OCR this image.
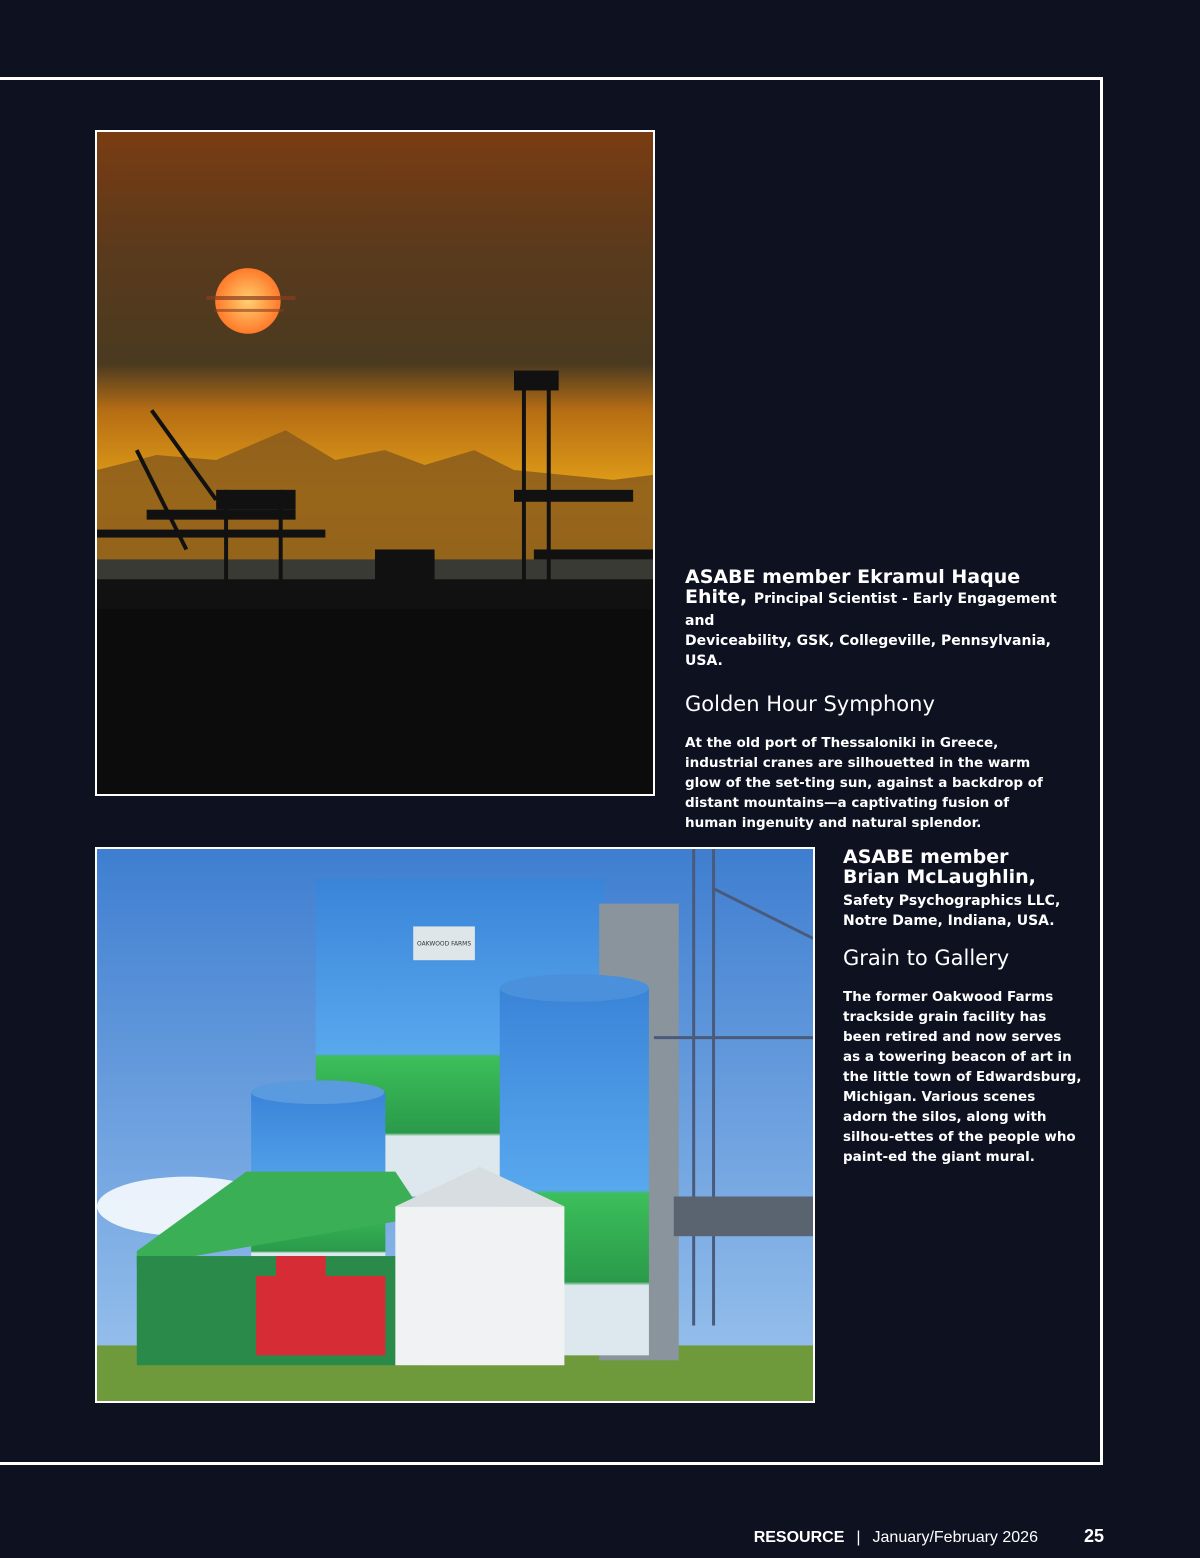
ASABE member Ekramul Haque
Ehite, Principal Scientist - Early Engagement and

Deviceability, GSK, Collegeville, Pennsylvania, USA.

Golden Hour Symphony

At the old port of Thessaloniki in Greece, industrial cranes are silhouetted in the warm glow of the set-ting sun, against a backdrop of distant mountains—a captivating fusion of human ingenuity and natural splendor.

OAKWOOD FARMS

ASABE member
Brian McLaughlin,

Safety Psychographics LLC, Notre Dame, Indiana, USA.

Grain to Gallery

The former Oakwood Farms trackside grain facility has been retired and now serves as a towering beacon of art in the little town of Edwardsburg, Michigan. Various scenes adorn the silos, along with silhou-ettes of the people who paint-ed the giant mural.

RESOURCE | January/February 2026	25
